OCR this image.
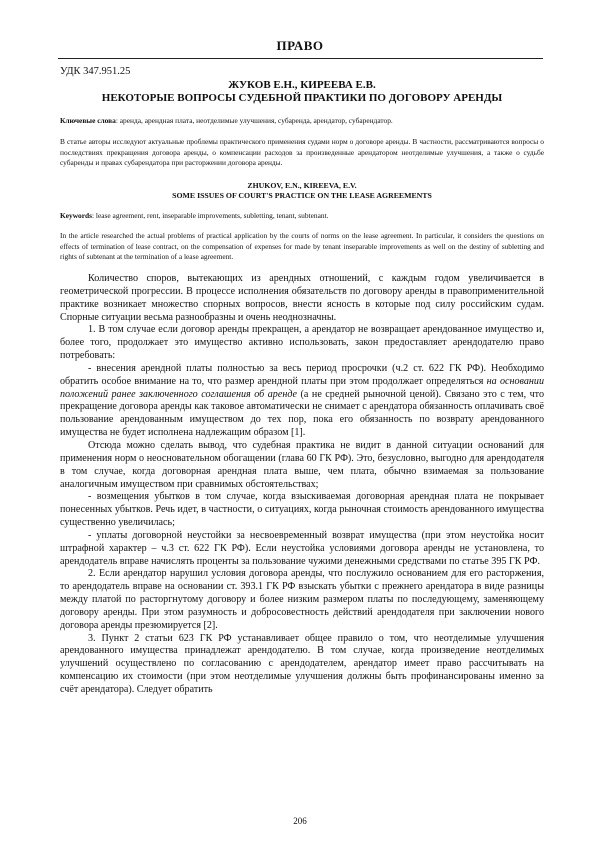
ПРАВО
УДК 347.951.25
ЖУКОВ Е.Н., КИРЕЕВА Е.В.
НЕКОТОРЫЕ ВОПРОСЫ СУДЕБНОЙ ПРАКТИКИ ПО ДОГОВОРУ АРЕНДЫ
Ключевые слова: аренда, арендная плата, неотделимые улучшения, субаренда, арендатор, субарендатор.
В статье авторы исследуют актуальные проблемы практического применения судами норм о договоре аренды. В частности, рассматриваются вопросы о последствиях прекращения договора аренды, о компенсации расходов за произведенные арендатором неотделимые улучшения, а также о судьбе субаренды и правах субарендатора при расторжении договора аренды.
ZHUKOV, E.N., KIREEVA, E.V.
SOME ISSUES OF COURT'S PRACTICE ON THE LEASE AGREEMENTS
Keywords: lease agreement, rent, inseparable improvements, subletting, tenant, subtenant.
In the article researched the actual problems of practical application by the courts of norms on the lease agreement. In particular, it considers the questions on effects of termination of lease contract, on the compensation of expenses for made by tenant inseparable improvements as well on the destiny of subletting and rights of subtenant at the termination of a lease agreement.

Количество споров, вытекающих из арендных отношений, с каждым годом увеличивается в геометрической прогрессии. В процессе исполнения обязательств по договору аренды в правоприменительной практике возникает множество спорных вопросов, внести ясность в которые под силу российским судам. Спорные ситуации весьма разнообразны и очень неоднозначны.

1. В том случае если договор аренды прекращен, а арендатор не возвращает арендованное имущество и, более того, продолжает это имущество активно использовать, закон предоставляет арендодателю право потребовать:

- внесения арендной платы полностью за весь период просрочки (ч.2 ст. 622 ГК РФ). Необходимо обратить особое внимание на то, что размер арендной платы при этом продолжает определяться на основании положений ранее заключенного соглашения об аренде (а не средней рыночной ценой). Связано это с тем, что прекращение договора аренды как таковое автоматически не снимает с арендатора обязанность оплачивать своё пользование арендованным имуществом до тех пор, пока его обязанность по возврату арендованного имущества не будет исполнена надлежащим образом [1].

Отсюда можно сделать вывод, что судебная практика не видит в данной ситуации оснований для применения норм о неосновательном обогащении (глава 60 ГК РФ). Это, безусловно, выгодно для арендодателя в том случае, когда договорная арендная плата выше, чем плата, обычно взимаемая за пользование аналогичным имуществом при сравнимых обстоятельствах;

- возмещения убытков в том случае, когда взыскиваемая договорная арендная плата не покрывает понесенных убытков. Речь идет, в частности, о ситуациях, когда рыночная стоимость арендованного имущества существенно увеличилась;

- уплаты договорной неустойки за несвоевременный возврат имущества (при этом неустойка носит штрафной характер – ч.3 ст. 622 ГК РФ). Если неустойка условиями договора аренды не установлена, то арендодатель вправе начислять проценты за пользование чужими денежными средствами по статье 395 ГК РФ.

2. Если арендатор нарушил условия договора аренды, что послужило основанием для его расторжения, то арендодатель вправе на основании ст. 393.1 ГК РФ взыскать убытки с прежнего арендатора в виде разницы между платой по расторгнутому договору и более низким размером платы по последующему, заменяющему договору аренды. При этом разумность и добросовестность действий арендодателя при заключении нового договора аренды презюмируется [2].

3. Пункт 2 статьи 623 ГК РФ устанавливает общее правило о том, что неотделимые улучшения арендованного имущества принадлежат арендодателю. В том случае, когда произведение неотделимых улучшений осуществлено по согласованию с арендодателем, арендатор имеет право рассчитывать на компенсацию их стоимости (при этом неотделимые улучшения должны быть профинансированы именно за счёт арендатора). Следует обратить

206
